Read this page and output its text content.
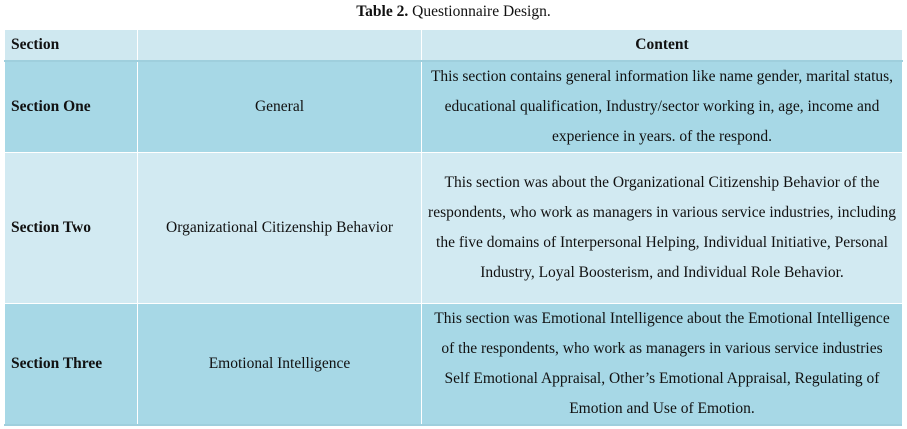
Table 2. Questionnaire Design.
Section		Content
Section One	General	This section contains general information like name gender, marital status, educational qualification, Industry/sector working in, age, income and experience in years. of the respond.
Section Two	Organizational Citizenship Behavior	This section was about the Organizational Citizenship Behavior of the respondents, who work as managers in various service industries, including the five domains of Interpersonal Helping, Individual Initiative, Personal Industry, Loyal Boosterism, and Individual Role Behavior.
Section Three	Emotional Intelligence	This section was Emotional Intelligence about the Emotional Intelligence of the respondents, who work as managers in various service industries Self Emotional Appraisal, Other’s Emotional Appraisal, Regulating of Emotion and Use of Emotion.
